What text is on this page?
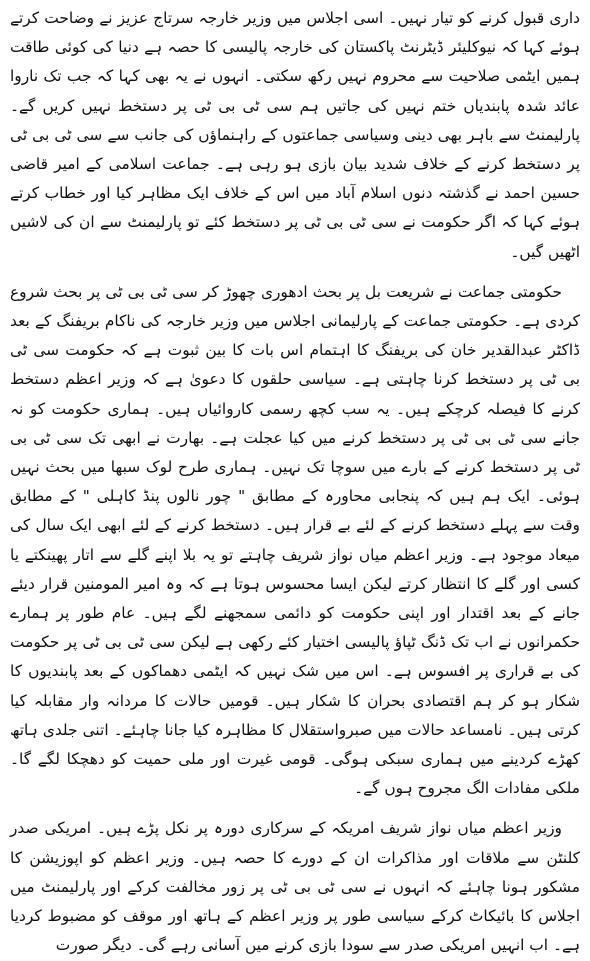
داری قبول کرنے کو تیار نہیں۔ اسی اجلاس میں وزیر خارجہ سرتاج عزیز نے وضاحت کرتے ہوئے کہا کہ نیوکلیئر ڈیٹرنٹ پاکستان کی خارجہ پالیسی کا حصہ ہے دنیا کی کوئی طاقت ہمیں ایٹمی صلاحیت سے محروم نہیں رکھ سکتی۔ انہوں نے یہ بھی کہا کہ جب تک ناروا عائد شدہ پابندیاں ختم نہیں کی جاتیں ہم سی ٹی بی ٹی پر دستخط نہیں کریں گے۔ پارلیمنٹ سے باہر بھی دینی وسیاسی جماعتوں کے راہنماؤں کی جانب سے سی ٹی بی ٹی پر دستخط کرنے کے خلاف شدید بیان بازی ہو رہی ہے۔ جماعت اسلامی کے امیر قاضی حسین احمد نے گذشتہ دنوں اسلام آباد میں اس کے خلاف ایک مظاہر کیا اور خطاب کرتے ہوئے کہا کہ اگر حکومت نے سی ٹی بی ٹی پر دستخط کئے تو پارلیمنٹ سے ان کی لاشیں اٹھیں گیں۔

حکومتی جماعت نے شریعت بل پر بحث ادھوری چھوڑ کر سی ٹی بی ٹی پر بحث شروع کردی ہے۔ حکومتی جماعت کے پارلیمانی اجلاس میں وزیر خارجہ کی ناکام بریفنگ کے بعد ڈاکٹر عبدالقدیر خان کی بریفنگ کا اہتمام اس بات کا بین ثبوت ہے کہ حکومت سی ٹی بی ٹی پر دستخط کرنا چاہتی ہے۔ سیاسی حلقوں کا دعویٰ ہے کہ وزیر اعظم دستخط کرنے کا فیصلہ کرچکے ہیں۔ یہ سب کچھ رسمی کاروائیاں ہیں۔ ہماری حکومت کو نہ جانے سی ٹی بی ٹی پر دستخط کرنے میں کیا عجلت ہے۔ بھارت نے ابھی تک سی ٹی بی ٹی پر دستخط کرنے کے بارے میں سوچا تک نہیں۔ ہماری طرح لوک سبھا میں بحث نہیں ہوئی۔ ایک ہم ہیں کہ پنجابی محاورہ کے مطابق " چور نالوں پنڈ کاہلی " کے مطابق وقت سے پہلے دستخط کرنے کے لئے بے قرار ہیں۔ دستخط کرنے کے لئے ابھی ایک سال کی میعاد موجود ہے۔ وزیر اعظم میاں نواز شریف چاہتے تو یہ بلا اپنے گلے سے اتار پھینکتے یا کسی اور گلے کا انتظار کرتے لیکن ایسا محسوس ہوتا ہے کہ وہ امیر المومنین قرار دیئے جانے کے بعد اقتدار اور اپنی حکومت کو دائمی سمجھنے لگے ہیں۔ عام طور پر ہمارے حکمرانوں نے اب تک ڈنگ ٹپاؤ پالیسی اختیار کئے رکھی ہے لیکن سی ٹی بی ٹی پر حکومت کی بے قراری پر افسوس ہے۔ اس میں شک نہیں کہ ایٹمی دھماکوں کے بعد پابندیوں کا شکار ہو کر ہم اقتصادی بحران کا شکار ہیں۔ قومیں حالات کا مردانہ وار مقابلہ کیا کرتی ہیں۔ نامساعد حالات میں صبرواستقلال کا مظاہرہ کیا جانا چاہئے۔ اتنی جلدی ہاتھ کھڑے کردینے میں ہماری سبکی ہوگی۔ قومی غیرت اور ملی حمیت کو دھچکا لگے گا۔ ملکی مفادات الگ مجروح ہوں گے۔

وزیر اعظم میاں نواز شریف امریکہ کے سرکاری دورہ پر نکل پڑے ہیں۔ امریکی صدر کلنٹن سے ملاقات اور مذاکرات ان کے دورے کا حصہ ہیں۔ وزیر اعظم کو اپوزیشن کا مشکور ہونا چاہئے کہ انہوں نے سی ٹی بی ٹی پر زور مخالفت کرکے اور پارلیمنٹ میں اجلاس کا بائیکاٹ کرکے سیاسی طور پر وزیر اعظم کے ہاتھ اور موقف کو مضبوط کردیا ہے۔ اب انہیں امریکی صدر سے سودا بازی کرنے میں آسانی رہے گی۔ دیگر صورت
